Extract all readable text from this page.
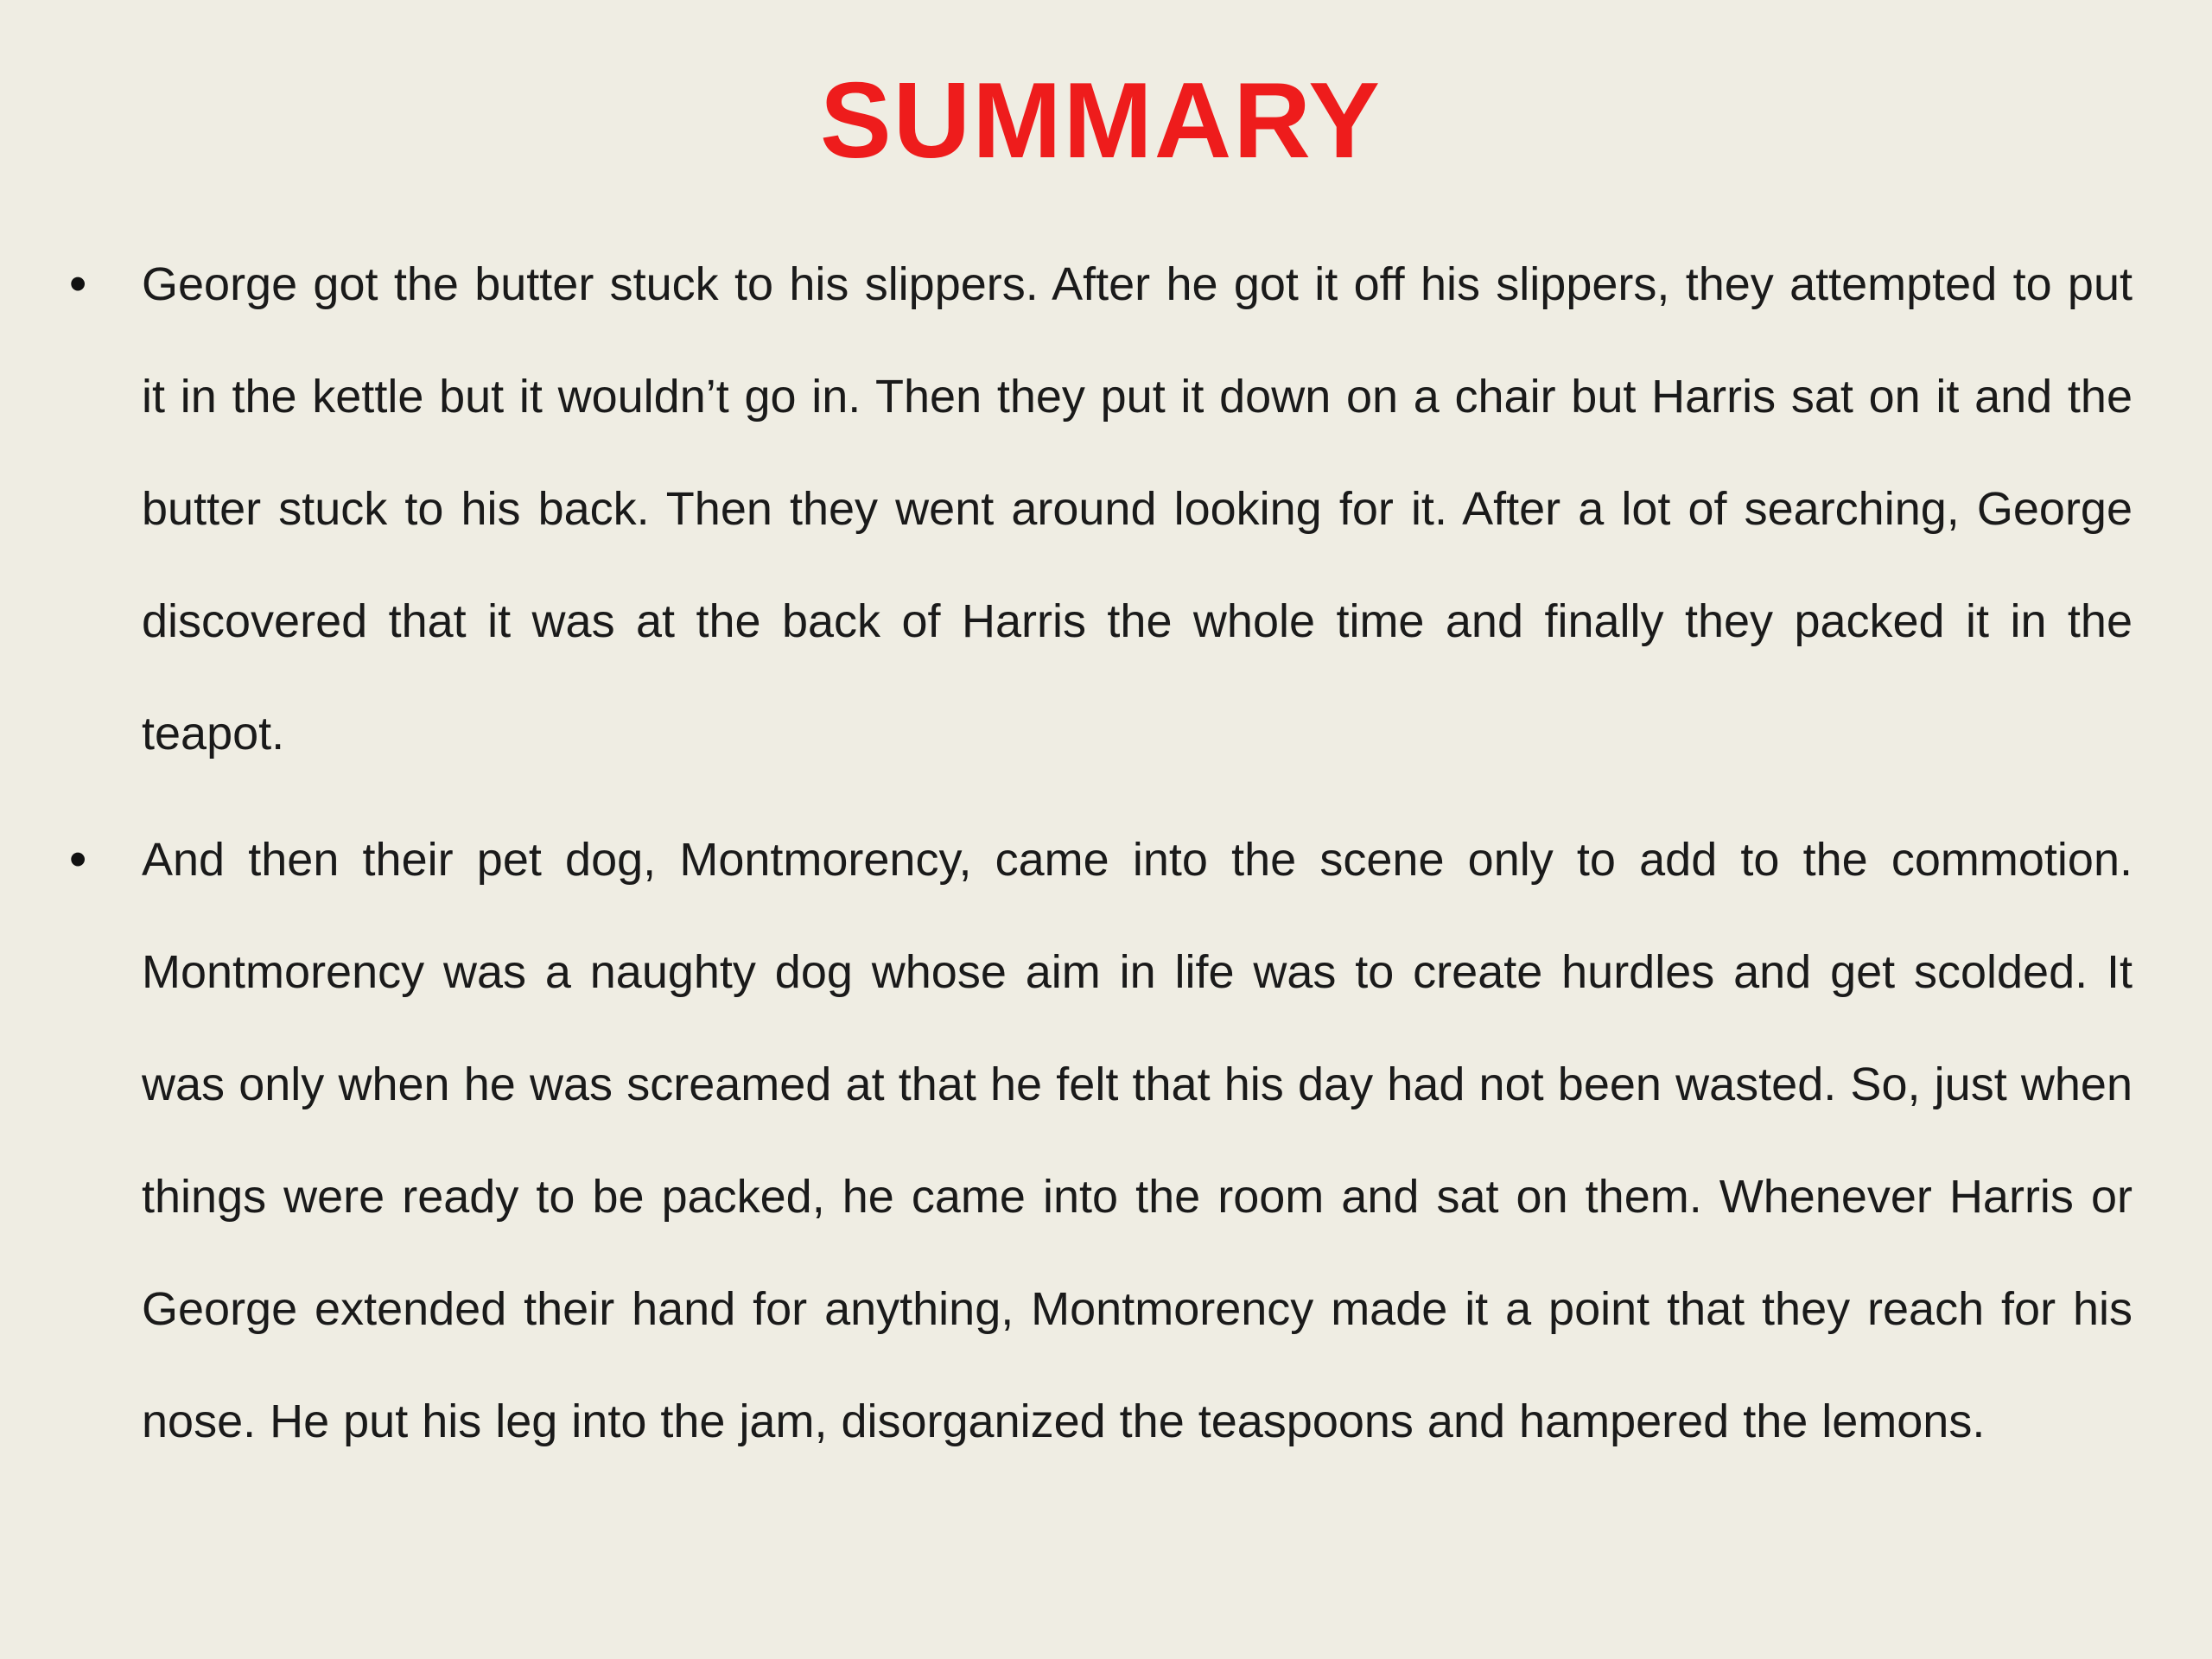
SUMMARY
•	George got the butter stuck to his slippers. After he got it off his slippers, they attempted to put it in the kettle but it wouldn’t go in. Then they put it down on a chair but Harris sat on it and the butter stuck to his back. Then they went around looking for it. After a lot of searching, George discovered that it was at the back of Harris the whole time and finally they packed it in the teapot.
•	And then their pet dog, Montmorency, came into the scene only to add to the commotion. Montmorency was a naughty dog whose aim in life was to create hurdles and get scolded. It was only when he was screamed at that he felt that his day had not been wasted. So, just when things were ready to be packed, he came into the room and sat on them. Whenever Harris or George extended their hand for anything, Montmorency made it a point that they reach for his nose. He put his leg into the jam, disorganized the teaspoons and hampered the lemons.
